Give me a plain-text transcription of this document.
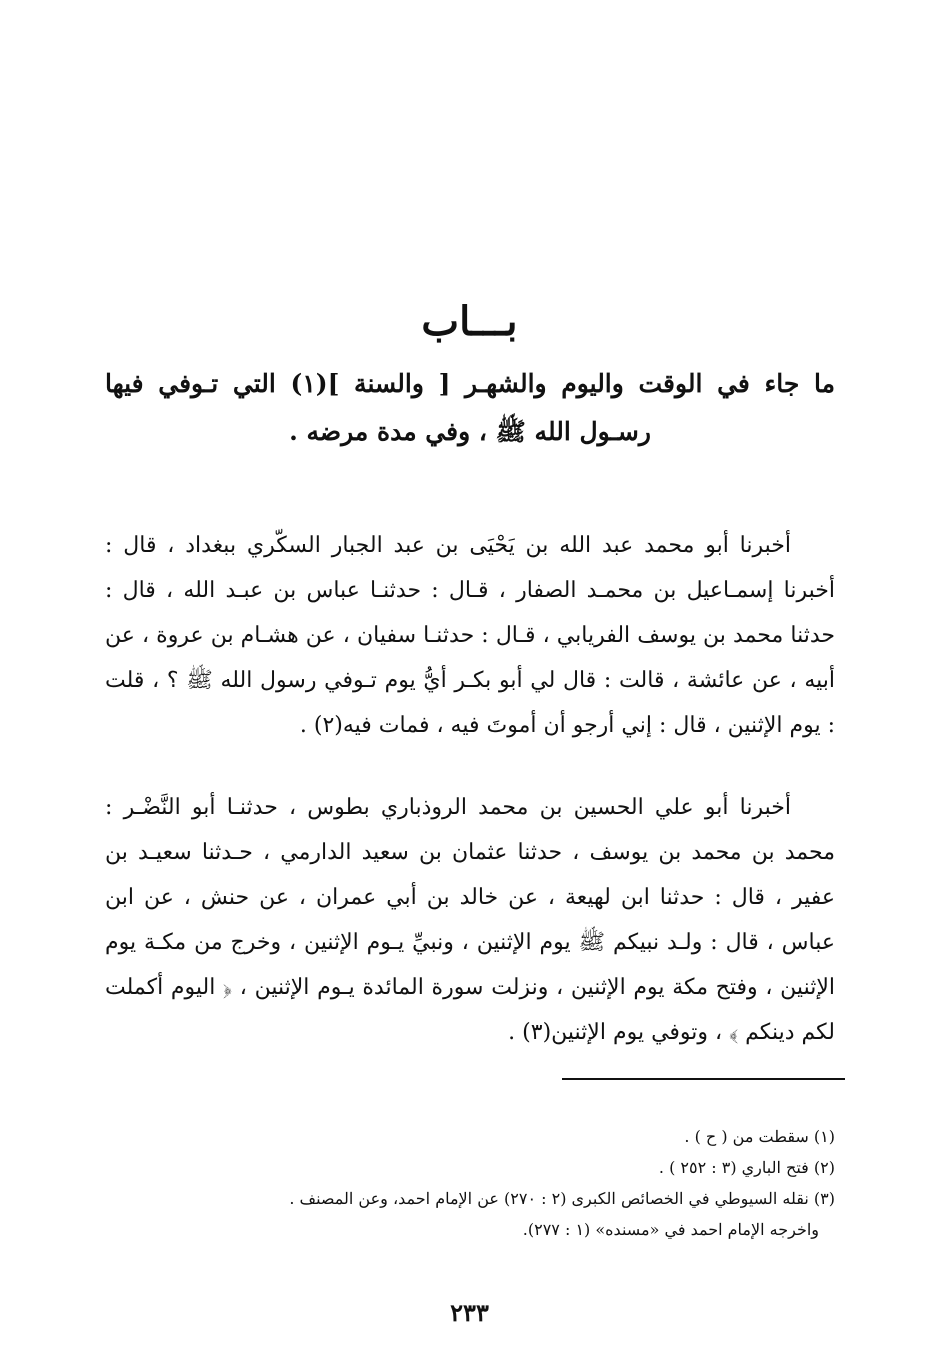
بـــاب
ما جاء في الوقت واليوم والشهـر [ والسنة ](١) التي تـوفي فيها رسـول الله ﷺ ، وفي مدة مرضه .

أخبرنا أبو محمد عبد الله بن يَحْيَى بن عبد الجبار السكّري ببغداد ، قال : أخبرنا إسمـاعيل بن محمـد الصفار ، قـال : حدثنـا عباس بن عبـد الله ، قال : حدثنا محمد بن يوسف الفريابي ، قـال : حدثنـا سفيان ، عن هشـام بن عروة ، عن أبيه ، عن عائشة ، قالت : قال لي أبو بكـر أيُّ يوم تـوفي رسول الله ﷺ ؟ ، قلت : يوم الإثنين ، قال : إني أرجو أن أموتَ فيه ، فمات فيه(٢) .

أخبرنا أبو علي الحسين بن محمد الروذباري بطوس ، حدثنـا أبو النَّضْـر : محمد بن محمد بن يوسف ، حدثنا عثمان بن سعيد الدارمي ، حـدثنا سعيـد بن عفير ، قال : حدثنا ابن لهيعة ، عن خالد بن أبي عمران ، عن حنش ، عن ابن عباس ، قال : ولـد نبيكم ﷺ يوم الإثنين ، ونبيِّ يـوم الإثنين ، وخرج من مكـة يوم الإثنين ، وفتح مكة يوم الإثنين ، ونزلت سورة المائدة يـوم الإثنين ، ﴿ اليوم أكملت لكم دينكم ﴾ ، وتوفي يوم الإثنين(٣) .

(١) سقطت من ( ح ) .

(٢) فتح الباري (٣ : ٢٥٢ ) .

(٣) نقله السيوطي في الخصائص الكبرى (٢ : ٢٧٠) عن الإمام احمد، وعن المصنف .

واخرجه الإمام احمد في «مسنده» (١ : ٢٧٧).

٢٣٣
